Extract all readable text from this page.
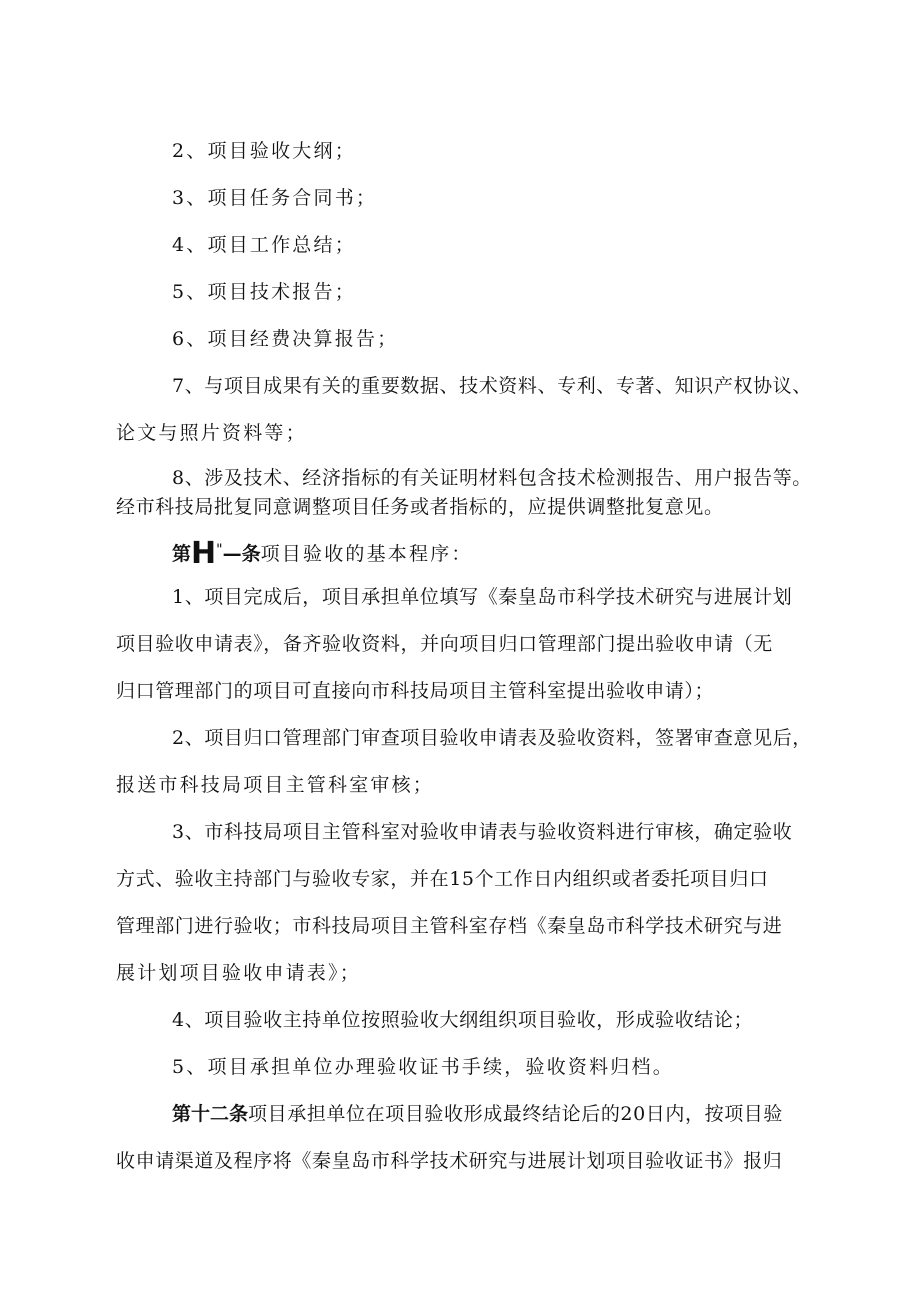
2、项目验收大纲；
3、项目任务合同书；
4、项目工作总结；
5、项目技术报告；
6、项目经费决算报告；
7、与项目成果有关的重要数据、技术资料、专利、专著、知识产权协议、
论文与照片资料等；
8、涉及技术、经济指标的有关证明材料包含技术检测报告、用户报告等。
经市科技局批复同意调整项目任务或者指标的，应提供调整批复意见。
第H"—条项目验收的基本程序：
1、项目完成后，项目承担单位填写《秦皇岛市科学技术研究与进展计划
项目验收申请表》，备齐验收资料，并向项目归口管理部门提出验收申请（无
归口管理部门的项目可直接向市科技局项目主管科室提出验收申请）；
2、项目归口管理部门审查项目验收申请表及验收资料，签署审查意见后，
报送市科技局项目主管科室审核；
3、市科技局项目主管科室对验收申请表与验收资料进行审核，确定验收
方式、验收主持部门与验收专家，并在15个工作日内组织或者委托项目归口
管理部门进行验收；市科技局项目主管科室存档《秦皇岛市科学技术研究与进
展计划项目验收申请表》；
4、项目验收主持单位按照验收大纲组织项目验收，形成验收结论；
5、项目承担单位办理验收证书手续，验收资料归档。
第十二条项目承担单位在项目验收形成最终结论后的20日内，按项目验
收申请渠道及程序将《秦皇岛市科学技术研究与进展计划项目验收证书》报归
